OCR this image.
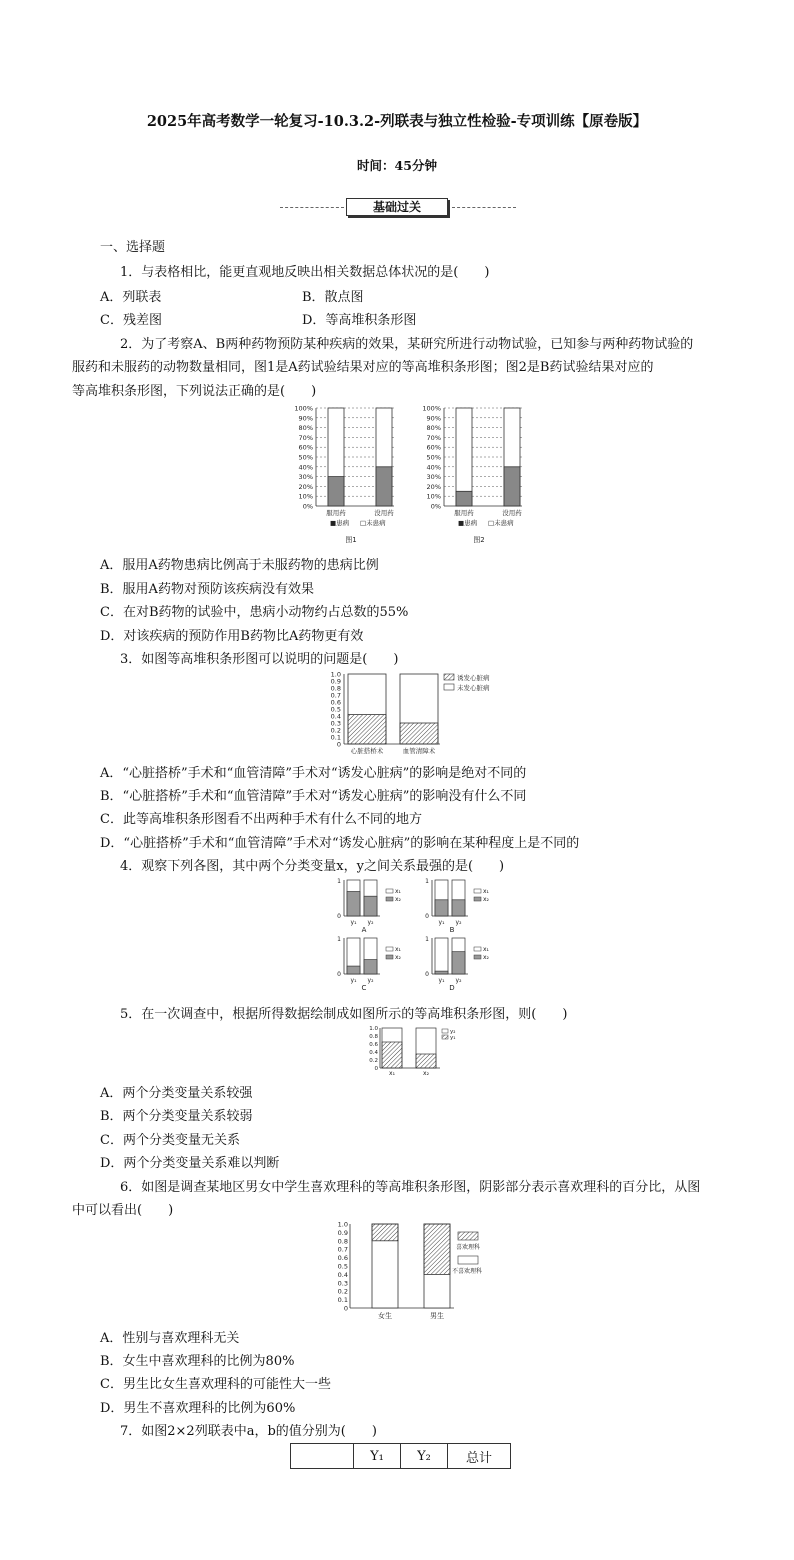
2025年高考数学一轮复习-10.3.2-列联表与独立性检验-专项训练【原卷版】
时间：45分钟
基础过关
一、选择题
1．与表格相比，能更直观地反映出相关数据总体状况的是(　　)
A．列联表	B．散点图
C．残差图	D．等高堆积条形图
2．为了考察A、B两种药物预防某种疾病的效果，某研究所进行动物试验，已知参与两种药物试验的
服药和未服药的动物数量相同，图1是A药试验结果对应的等高堆积条形图；图2是B药试验结果对应的
等高堆积条形图，下列说法正确的是(　　)
100%
90%
80%
70%
60%
50%
40%
30%
20%
10%
0%
服用药	没用药
■患病 □未患病
图1
100%
90%
80%
70%
60%
50%
40%
30%
20%
10%
0%
服用药	没用药
■患病 □未患病
图2
A．服用A药物患病比例高于未服药物的患病比例
B．服用A药物对预防该疾病没有效果
C．在对B药物的试验中，患病小动物约占总数的55%
D．对该疾病的预防作用B药物比A药物更有效
3．如图等高堆积条形图可以说明的问题是(　　)
1.0
0.9
0.8
0.7
0.6
0.5
0.4
0.3
0.2
0.1
0
心脏搭桥术	血管清障术
诱发心脏病
未发心脏病
A．“心脏搭桥”手术和“血管清障”手术对“诱发心脏病”的影响是绝对不同的
B．“心脏搭桥”手术和“血管清障”手术对“诱发心脏病”的影响没有什么不同
C．此等高堆积条形图看不出两种手术有什么不同的地方
D．“心脏搭桥”手术和“血管清障”手术对“诱发心脏病”的影响在某种程度上是不同的
4．观察下列各图，其中两个分类变量x，y之间关系最强的是(　　)
1
0
y₁ y₂
x₁
x₂
A
1
0
y₁ y₂
x₁
x₂
B
1
0
y₁ y₂
x₁
x₂
C
1
0
y₁ y₂
x₁
x₂
D
5．在一次调查中，根据所得数据绘制成如图所示的等高堆积条形图，则(　　)
1.0
0.8
0.6
0.4
0.2
0
x₁	x₂
y₂
y₁
A．两个分类变量关系较强
B．两个分类变量关系较弱
C．两个分类变量无关系
D．两个分类变量关系难以判断
6．如图是调查某地区男女中学生喜欢理科的等高堆积条形图，阴影部分表示喜欢理科的百分比，从图
中可以看出(　　)
1.0
0.9
0.8
0.7
0.6
0.5
0.4
0.3
0.2
0.1
0
女生	男生
喜欢理科
不喜欢理科
A．性别与喜欢理科无关
B．女生中喜欢理科的比例为80%
C．男生比女生喜欢理科的可能性大一些
D．男生不喜欢理科的比例为60%
7．如图2×2列联表中a，b的值分别为(　　)
	Y₁	Y₂	总计
